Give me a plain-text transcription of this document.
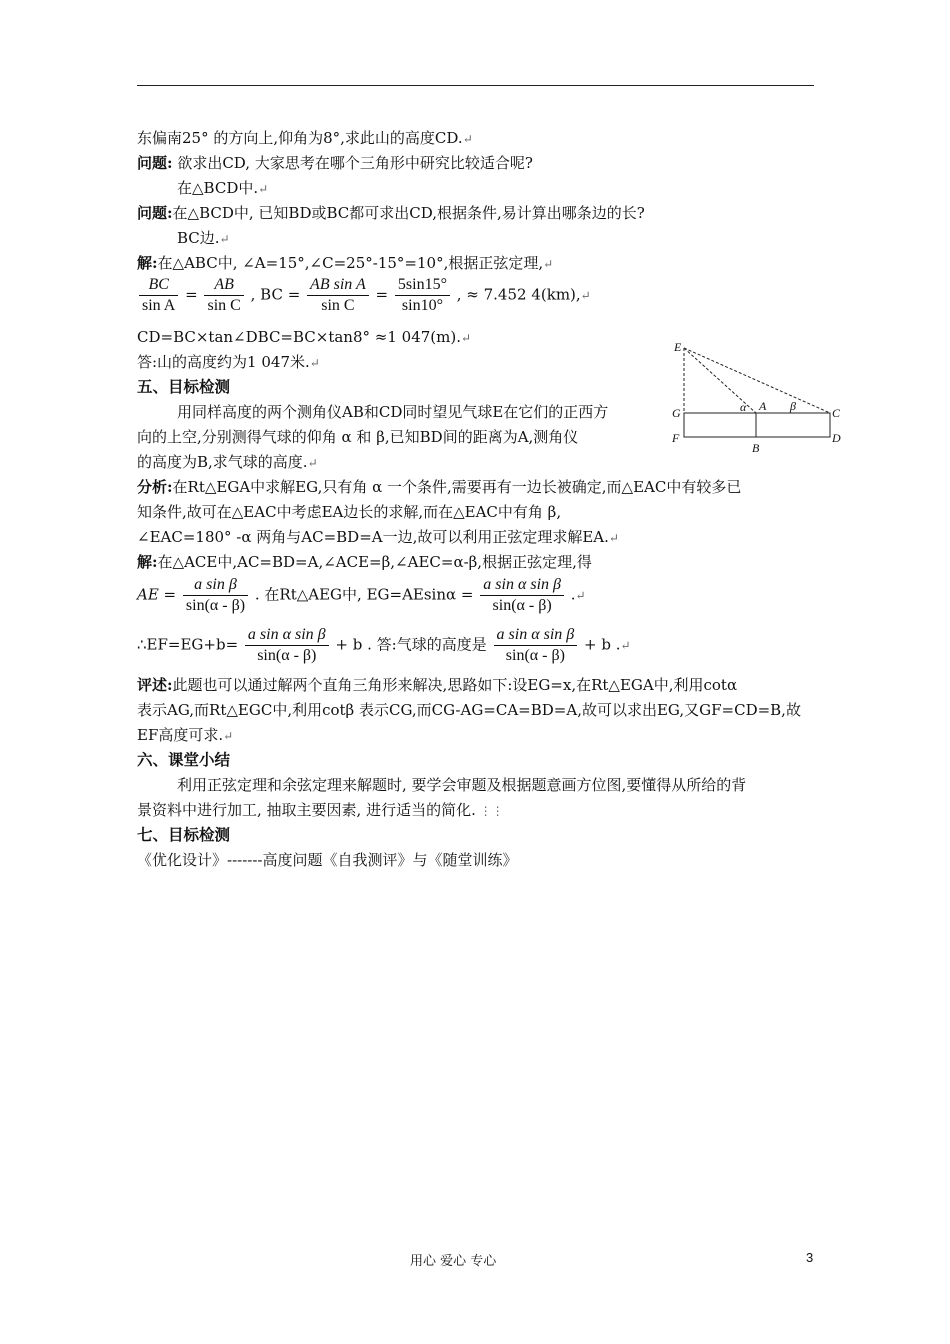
东偏南25° 的方向上,仰角为8°,求此山的高度CD.↵
问题: 欲求出CD, 大家思考在哪个三角形中研究比较适合呢?
在△BCD中.↵
问题:在△BCD中, 已知BD或BC都可求出CD,根据条件,易计算出哪条边的长?
BC边.↵
解:在△ABC中, ∠A=15°,∠C=25°-15°=10°,根据正弦定理,↵
$\frac{BC}{\text{sin A}} = \frac{AB}{\text{sin C}}$ , BC = $\frac{\text{AB sin A}}{\text{sin C}} = \frac{5\sin 15^\circ}{\sin 10^\circ}$ , ≈ 7.452 4(km),↵
CD=BC×tan∠DBC=BC×tan8° ≈1 047(m).↵
答:山的高度约为1 047米.↵
五、目标检测
用同样高度的两个测角仪AB和CD同时望见气球E在它们的正西方
向的上空,分别测得气球的仰角 α 和 β,已知BD间的距离为A,测角仪
的高度为B,求气球的高度.↵
分析:在Rt△EGA中求解EG,只有角 α 一个条件,需要再有一边长被确定,而△EAC中有较多已
知条件,故可在△EAC中考虑EA边长的求解,而在△EAC中有角 β,
∠EAC=180° -α 两角与AC=BD=A一边,故可以利用正弦定理求解EA.↵
解:在△ACE中,AC=BD=A,∠ACE=β,∠AEC=α-β,根据正弦定理,得
AE = $\frac{\text{a sin β}}{\sin(\alpha - \beta)}$ . 在Rt△AEG中, $EG=AEsin\alpha = \frac{\text{a sin α sin β}}{\sin(\alpha - \beta)}$ .↵
∴EF=EG+b= $\frac{\text{a sin α sin β}}{\sin(\alpha - \beta)} + b$ . 答:气球的高度是 $\frac{\text{a sin α sin β}}{\sin(\alpha - \beta)} + b$ .↵
评述:此题也可以通过解两个直角三角形来解决,思路如下:设EG=x,在Rt△EGA中,利用cotα
表示AG,而Rt△EGC中,利用cotβ 表示CG,而CG-AG=CA=BD=A,故可以求出EG,又GF=CD=B,故
EF高度可求.↵
六、课堂小结
利用正弦定理和余弦定理来解题时, 要学会审题及根据题意画方位图,要懂得从所给的背
景资料中进行加工, 抽取主要因素, 进行适当的简化. ⋮⋮
七、目标检测
《优化设计》-------高度问题《自我测评》与《随堂训练》
E
G
F
A
B
C
D
α	β
用心 爱心 专心	3
